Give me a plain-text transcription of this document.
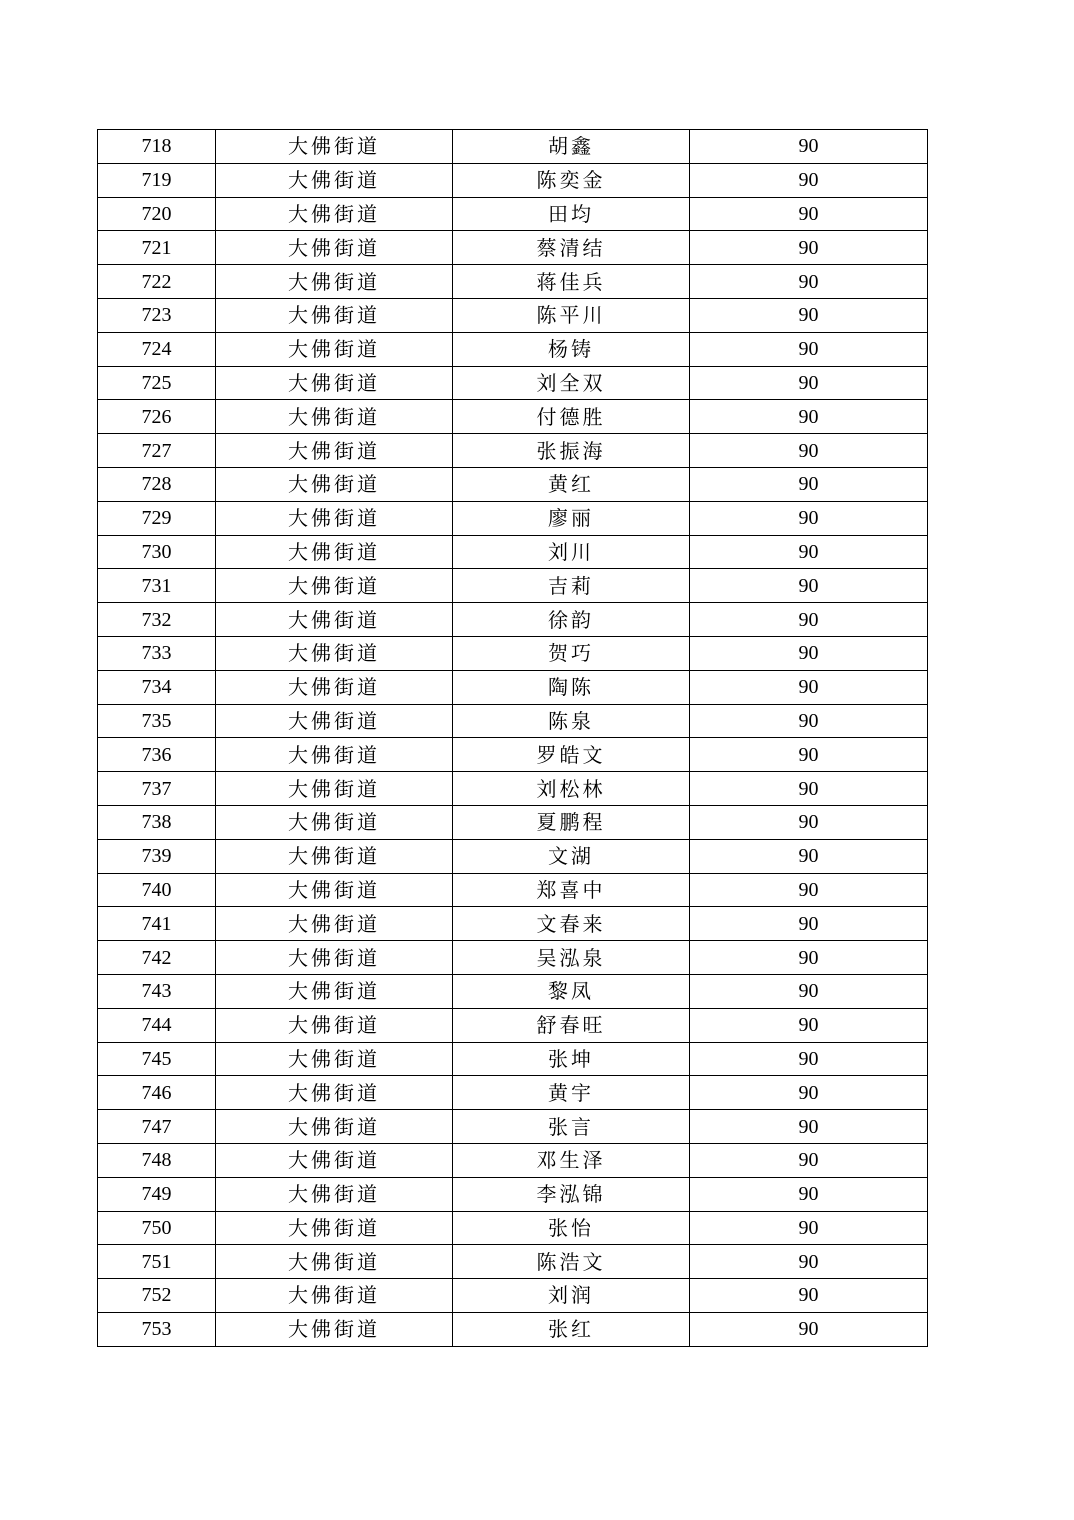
718	大佛街道	胡鑫	90
719	大佛街道	陈奕金	90
720	大佛街道	田均	90
721	大佛街道	蔡清结	90
722	大佛街道	蒋佳兵	90
723	大佛街道	陈平川	90
724	大佛街道	杨铸	90
725	大佛街道	刘全双	90
726	大佛街道	付德胜	90
727	大佛街道	张振海	90
728	大佛街道	黄红	90
729	大佛街道	廖丽	90
730	大佛街道	刘川	90
731	大佛街道	吉莉	90
732	大佛街道	徐韵	90
733	大佛街道	贺巧	90
734	大佛街道	陶陈	90
735	大佛街道	陈泉	90
736	大佛街道	罗皓文	90
737	大佛街道	刘松林	90
738	大佛街道	夏鹏程	90
739	大佛街道	文湖	90
740	大佛街道	郑喜中	90
741	大佛街道	文春来	90
742	大佛街道	吴泓泉	90
743	大佛街道	黎凤	90
744	大佛街道	舒春旺	90
745	大佛街道	张坤	90
746	大佛街道	黄宇	90
747	大佛街道	张言	90
748	大佛街道	邓生泽	90
749	大佛街道	李泓锦	90
750	大佛街道	张怡	90
751	大佛街道	陈浩文	90
752	大佛街道	刘润	90
753	大佛街道	张红	90
